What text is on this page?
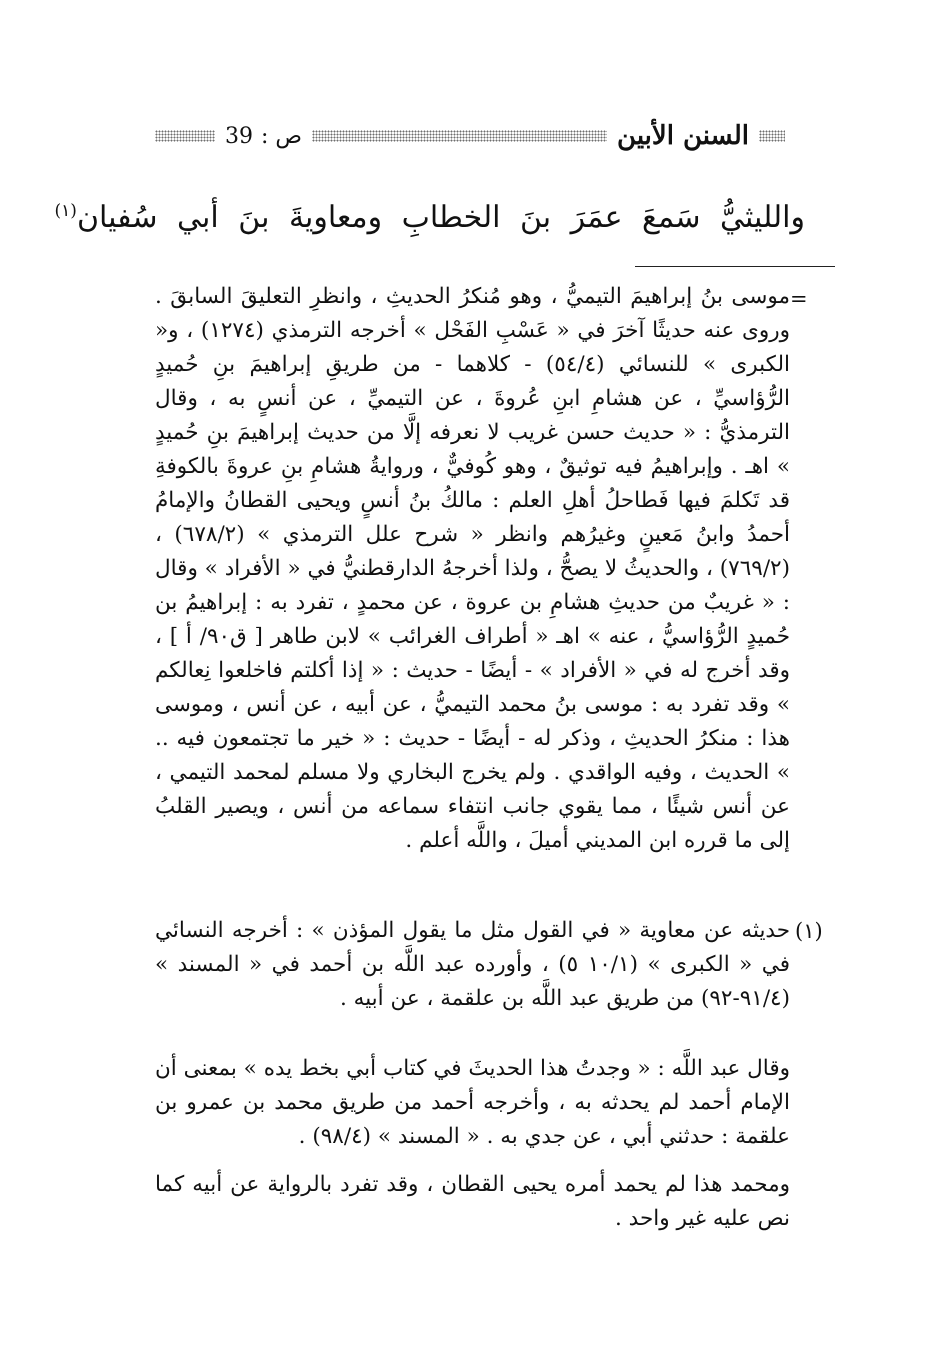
السنن الأبين
ص :39
والليثيُّ سَمعَ عمَرَ بنَ الخطابِ ومعاويةَ بنَ أبي سُفيان$^{(١)}$
=
موسى بنُ إبراهيمَ التيميُّ ، وهو مُنكرُ الحديثِ ، وانظرِ التعليقَ السابقَ . وروى عنه حديثًا آخرَ في « عَسْبِ الفَحْل » أخرجه الترمذي (١٢٧٤) ، و« الكبرى » للنسائي (٥٤/٤) - كلاهما - من طريقِ إبراهيمَ بنِ حُميدٍ الرُّؤاسيِّ ، عن هشامِ ابنِ عُروةَ ، عن التيميِّ ، عن أنسٍ به ، وقال الترمذيُّ : « حديث حسن غريب لا نعرفه إلَّا من حديث إبراهيمَ بنِ حُميدٍ » اهـ . وإبراهيمُ فيه توثيقٌ ، وهو كُوفيٌّ ، وروايةُ هشامِ بنِ عروةَ بالكوفةِ قد تَكلمَ فيها فَطاحلُ أهلِ العلم : مالكُ بنُ أنسٍ ويحيى القطانُ والإمامُ أحمدُ وابنُ مَعينٍ وغيرُهم وانظر « شرح علل الترمذي » (٦٧٨/٢) ، (٧٦٩/٢) ، والحديثُ لا يصحُّ ، ولذا أخرجهُ الدارقطنيُّ في « الأفراد » وقال : « غريبٌ من حديثِ هشامِ بن عروة ، عن محمدٍ ، تفرد به : إبراهيمُ بن حُميدٍ الرُّؤاسيُّ ، عنه » اهـ « أطراف الغرائب » لابن طاهر [ ق٩٠/ أ ] ، وقد أخرج له في « الأفراد » - أيضًا - حديث : « إذا أكلتم فاخلعوا نِعالكم » وقد تفرد به : موسى بنُ محمد التيميُّ ، عن أبيه ، عن أنس ، وموسى هذا : منكرُ الحديثِ ، وذكر له - أيضًا - حديث : « خير ما تجتمعون فيه .. » الحديث ، وفيه الواقدي . ولم يخرج البخاري ولا مسلم لمحمد التيمي ، عن أنس شيئًا ، مما يقوي جانب انتفاء سماعه من أنس ، ويصير القلبُ إلى ما قرره ابن المديني أميلَ ، واللَّه أعلم .
(١)
حديثه عن معاوية « في القول مثل ما يقول المؤذن » : أخرجه النسائي في « الكبرى » (١٠/١ ٥) ، وأورده عبد اللَّه بن أحمد في « المسند » (٩١/٤-٩٢) من طريق عبد اللَّه بن علقمة ، عن أبيه .
وقال عبد اللَّه : « وجدتُ هذا الحديثَ في كتاب أبي بخط يده » بمعنى أن الإمام أحمد لم يحدثه به ، وأخرجه أحمد من طريق محمد بن عمرو بن علقمة : حدثني أبي ، عن جدي به . « المسند » (٩٨/٤) .
ومحمد هذا لم يحمد أمره يحيى القطان ، وقد تفرد بالرواية عن أبيه كما نص عليه غير واحد .
